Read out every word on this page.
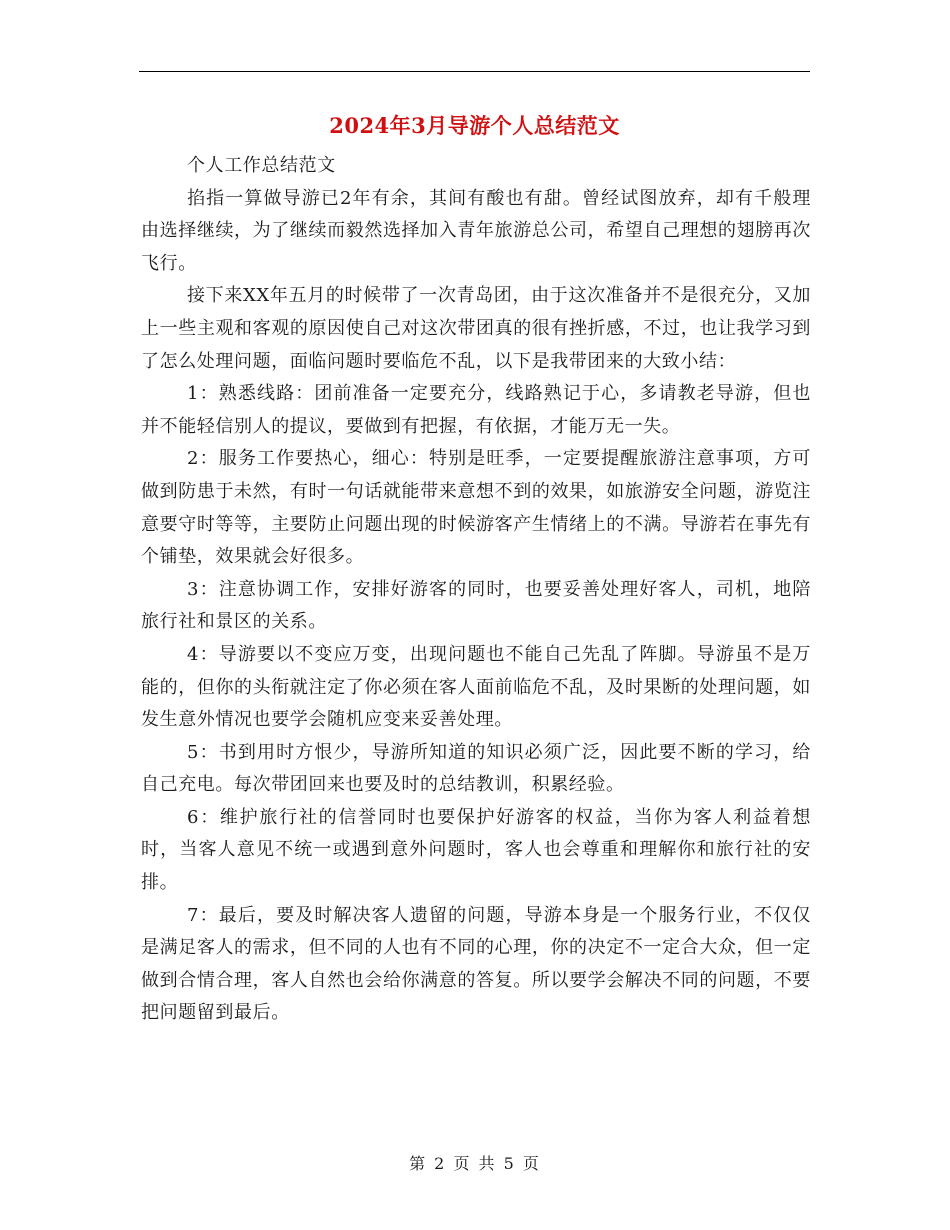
2024年3月导游个人总结范文

个人工作总结范文

掐指一算做导游已2年有余，其间有酸也有甜。曾经试图放弃，却有千般理由选择继续，为了继续而毅然选择加入青年旅游总公司，希望自己理想的翅膀再次飞行。

接下来XX年五月的时候带了一次青岛团，由于这次准备并不是很充分，又加上一些主观和客观的原因使自己对这次带团真的很有挫折感，不过，也让我学习到了怎么处理问题，面临问题时要临危不乱，以下是我带团来的大致小结：

1：熟悉线路：团前准备一定要充分，线路熟记于心，多请教老导游，但也并不能轻信别人的提议，要做到有把握，有依据，才能万无一失。

2：服务工作要热心，细心：特别是旺季，一定要提醒旅游注意事项，方可做到防患于未然，有时一句话就能带来意想不到的效果，如旅游安全问题，游览注意要守时等等，主要防止问题出现的时候游客产生情绪上的不满。导游若在事先有个铺垫，效果就会好很多。

3：注意协调工作，安排好游客的同时，也要妥善处理好客人，司机，地陪旅行社和景区的关系。

4：导游要以不变应万变，出现问题也不能自己先乱了阵脚。导游虽不是万能的，但你的头衔就注定了你必须在客人面前临危不乱，及时果断的处理问题，如发生意外情况也要学会随机应变来妥善处理。

5：书到用时方恨少，导游所知道的知识必须广泛，因此要不断的学习，给自己充电。每次带团回来也要及时的总结教训，积累经验。

6：维护旅行社的信誉同时也要保护好游客的权益，当你为客人利益着想时，当客人意见不统一或遇到意外问题时，客人也会尊重和理解你和旅行社的安排。

7：最后，要及时解决客人遗留的问题，导游本身是一个服务行业，不仅仅是满足客人的需求，但不同的人也有不同的心理，你的决定不一定合大众，但一定做到合情合理，客人自然也会给你满意的答复。所以要学会解决不同的问题，不要把问题留到最后。

第 2 页 共 5 页
